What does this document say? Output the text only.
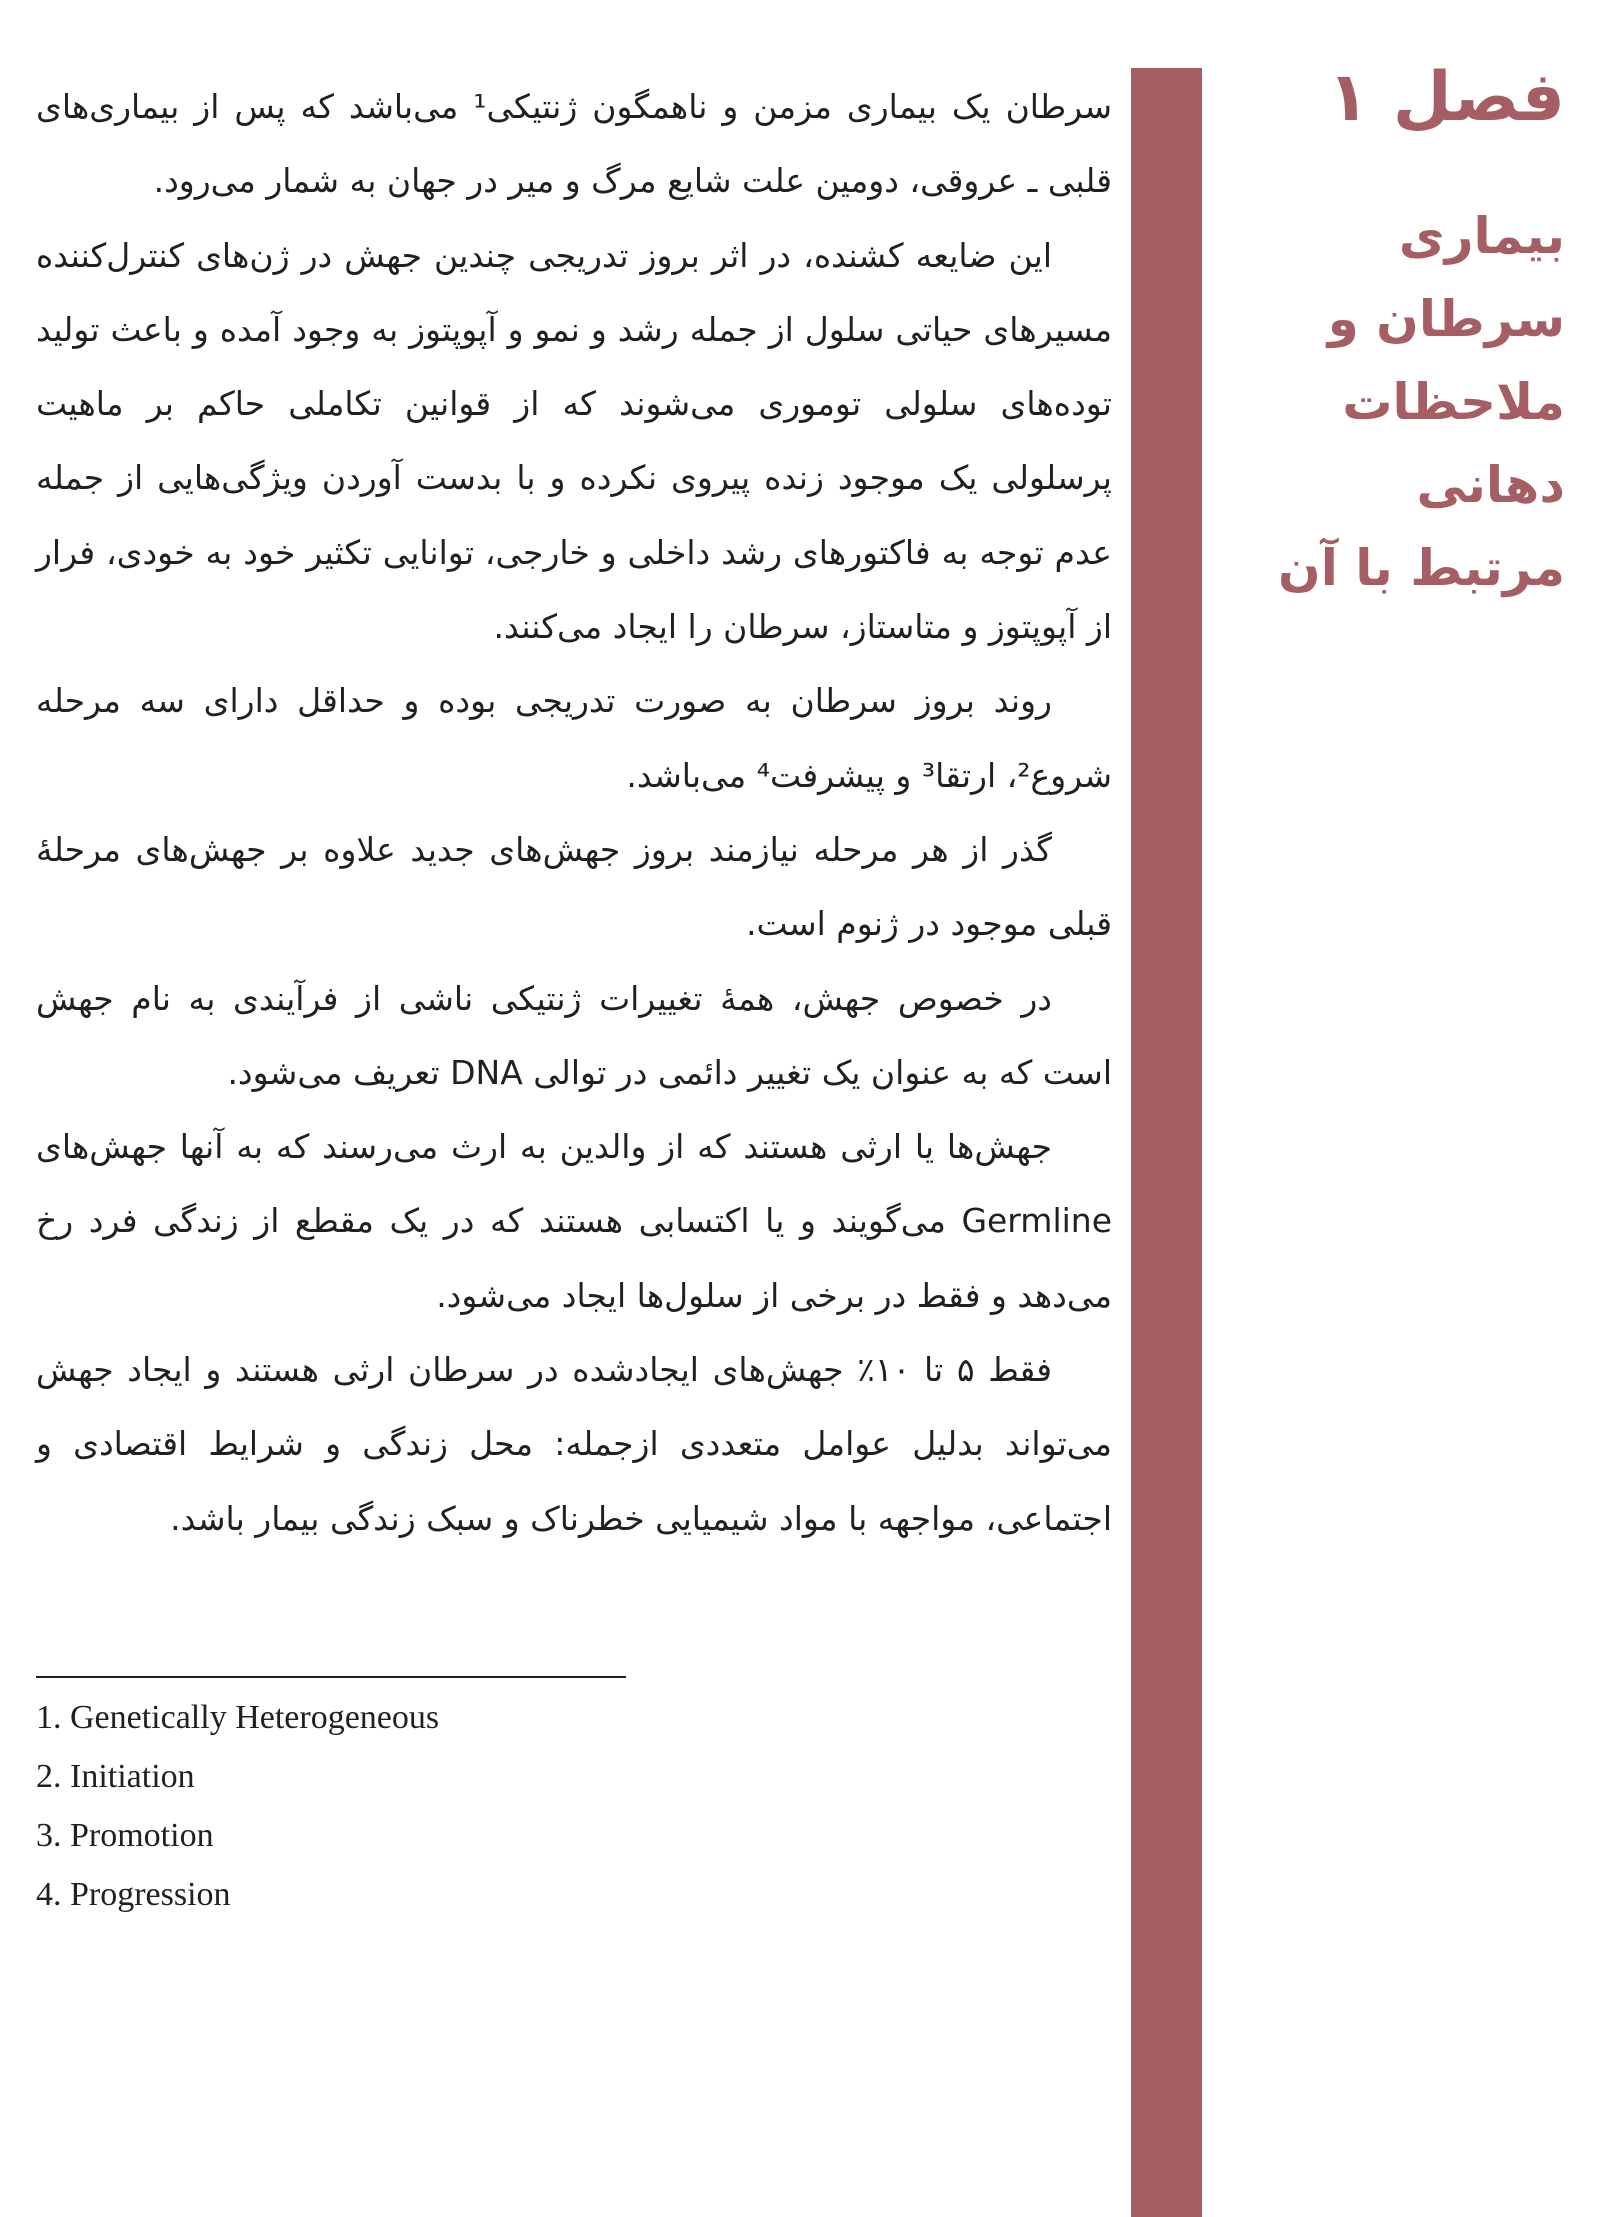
فصل ۱
بیماری سرطان و
ملاحظات دهانی
مرتبط با آن

سرطان یک بیماری مزمن و ناهمگون ژنتیکی¹ می‌باشد که پس از بیماری‌های قلبی ـ عروقی، دومین علت شایع مرگ و میر در جهان به شمار می‌رود.

این ضایعه کشنده، در اثر بروز تدریجی چندین جهش در ژن‌های کنترل‌کننده مسیرهای حیاتی سلول از جمله رشد و نمو و آپوپتوز به وجود آمده و باعث تولید توده‌های سلولی توموری می‌شوند که از قوانین تکاملی حاکم بر ماهیت پرسلولی یک موجود زنده پیروی نکرده و با بدست آوردن ویژگی‌هایی از جمله عدم توجه به فاکتورهای رشد داخلی و خارجی، توانایی تکثیر خود به خودی، فرار از آپوپتوز و متاستاز، سرطان را ایجاد می‌کنند.

روند بروز سرطان به صورت تدریجی بوده و حداقل دارای سه مرحله شروع²، ارتقا³ و پیشرفت⁴ می‌باشد.

گذر از هر مرحله نیازمند بروز جهش‌های جدید علاوه بر جهش‌های مرحلهٔ قبلی موجود در ژنوم است.

در خصوص جهش، همهٔ تغییرات ژنتیکی ناشی از فرآیندی به نام جهش است که به عنوان یک تغییر دائمی در توالی DNA تعریف می‌شود.

جهش‌ها یا ارثی هستند که از والدین به ارث می‌رسند که به آنها جهش‌های Germline می‌گویند و یا اکتسابی هستند که در یک مقطع از زندگی فرد رخ می‌دهد و فقط در برخی از سلول‌ها ایجاد می‌شود.

فقط ۵ تا ۱۰٪ جهش‌های ایجادشده در سرطان ارثی هستند و ایجاد جهش می‌تواند بدلیل عوامل متعددی ازجمله: محل زندگی و شرایط اقتصادی و اجتماعی، مواجهه با مواد شیمیایی خطرناک و سبک زندگی بیمار باشد.

1. Genetically Heterogeneous
2. Initiation
3. Promotion
4. Progression
